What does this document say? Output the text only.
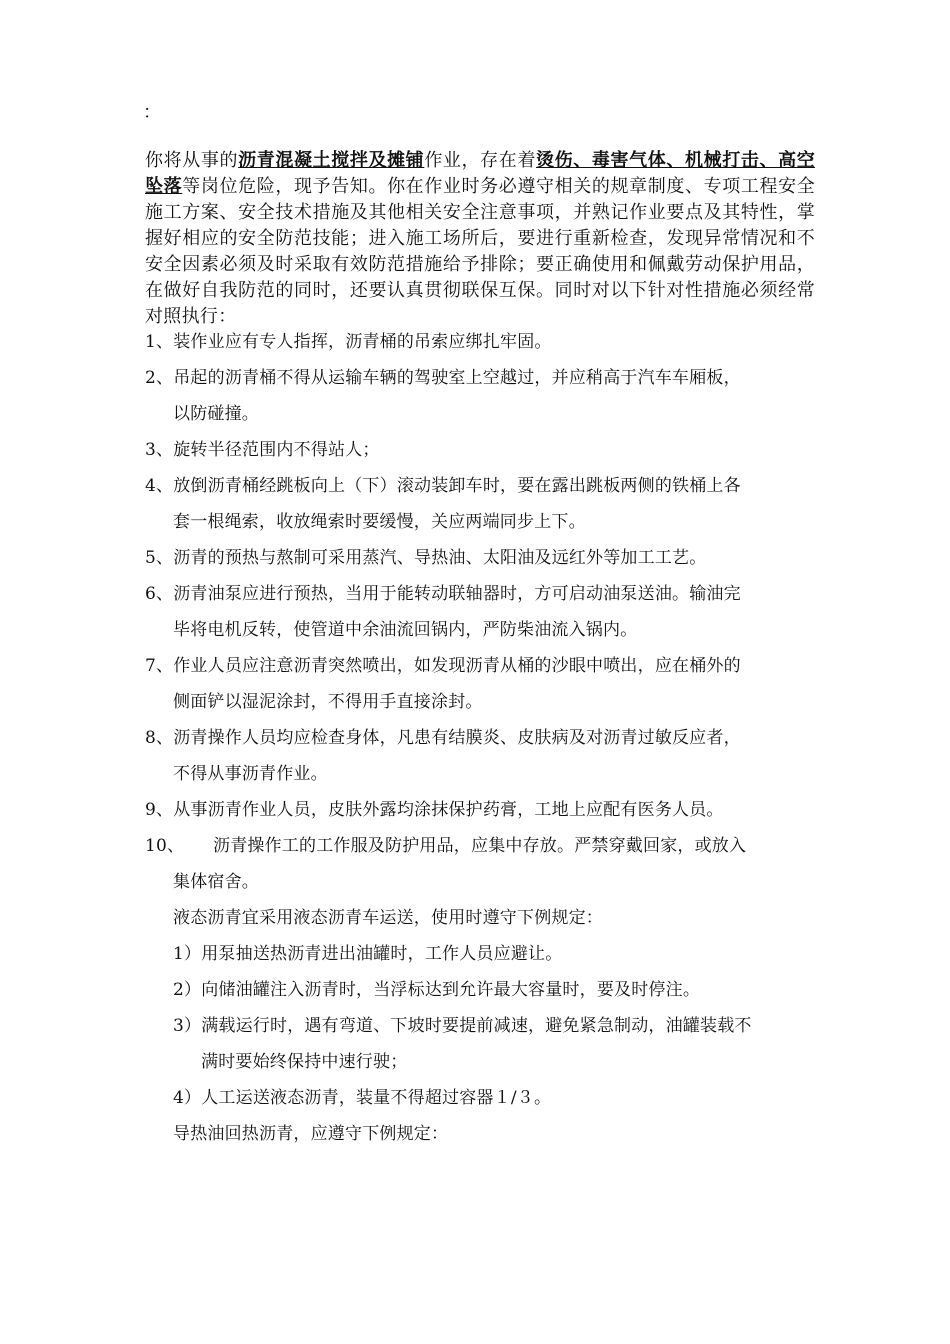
：
你将从事的沥青混凝土搅拌及摊铺作业，存在着烫伤、毒害气体、机械打击、高空坠落等岗位危险，现予告知。你在作业时务必遵守相关的规章制度、专项工程安全施工方案、安全技术措施及其他相关安全注意事项，并熟记作业要点及其特性，掌握好相应的安全防范技能；进入施工场所后，要进行重新检查，发现异常情况和不安全因素必须及时采取有效防范措施给予排除；要正确使用和佩戴劳动保护用品，在做好自我防范的同时，还要认真贯彻联保互保。同时对以下针对性措施必须经常对照执行：
1、 装作业应有专人指挥，沥青桶的吊索应绑扎牢固。
2、 吊起的沥青桶不得从运输车辆的驾驶室上空越过，并应稍高于汽车车厢板，
以防碰撞。
3、 旋转半径范围内不得站人；
4、 放倒沥青桶经跳板向上（下）滚动装卸车时，要在露出跳板两侧的铁桶上各
套一根绳索，收放绳索时要缓慢，关应两端同步上下。
5、 沥青的预热与熬制可采用蒸汽、导热油、太阳油及远红外等加工工艺。
6、 沥青油泵应进行预热，当用于能转动联轴器时，方可启动油泵送油。输油完
毕将电机反转，使管道中余油流回锅内，严防柴油流入锅内。
7、 作业人员应注意沥青突然喷出，如发现沥青从桶的沙眼中喷出，应在桶外的
侧面铲以湿泥涂封，不得用手直接涂封。
8、 沥青操作人员均应检查身体，凡患有结膜炎、皮肤病及对沥青过敏反应者，
不得从事沥青作业。
9、 从事沥青作业人员，皮肤外露均涂抹保护药膏，工地上应配有医务人员。
10、	沥青操作工的工作服及防护用品，应集中存放。严禁穿戴回家，或放入
集体宿舍。
液态沥青宜采用液态沥青车运送，使用时遵守下例规定：
1） 用泵抽送热沥青进出油罐时，工作人员应避让。
2） 向储油罐注入沥青时，当浮标达到允许最大容量时，要及时停注。
3） 满载运行时，遇有弯道、下坡时要提前减速，避免紧急制动，油罐装载不
满时要始终保持中速行驶；
4） 人工运送液态沥青，装量不得超过容器１/３。
导热油回热沥青，应遵守下例规定：
